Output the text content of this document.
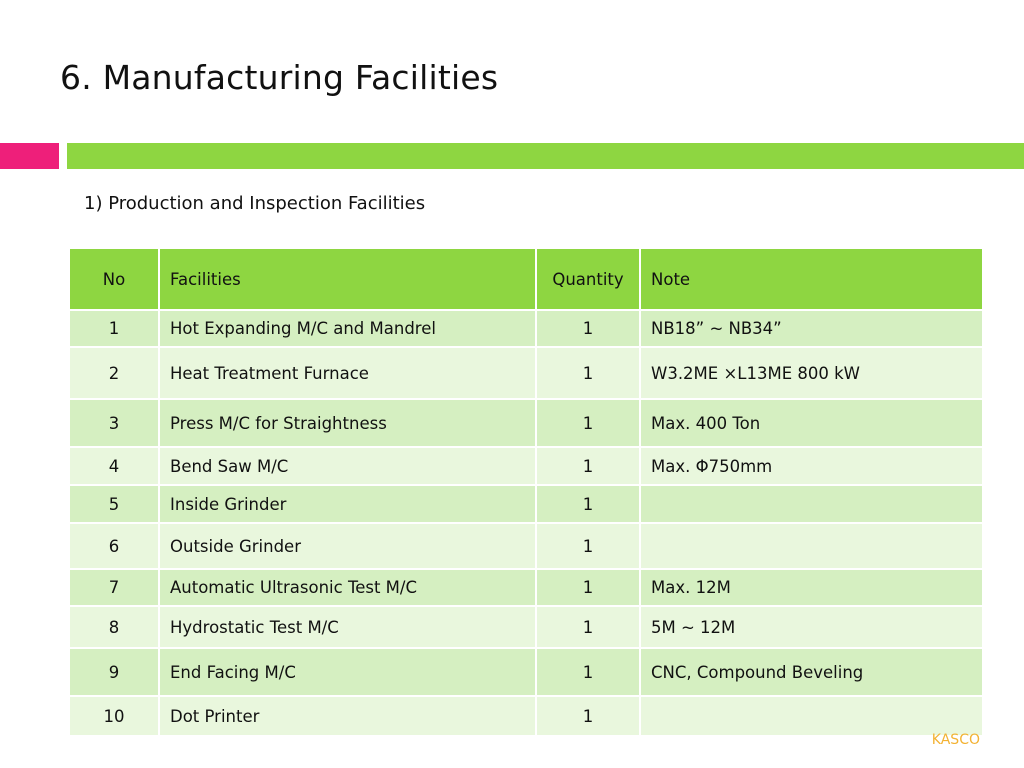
6. Manufacturing Facilities
1) Production and Inspection Facilities
No	Facilities	Quantity	Note
1	Hot Expanding M/C and Mandrel	1	NB18” ~ NB34”
2	Heat Treatment Furnace	1	W3.2ME ×L13ME 800 kW
3	Press M/C for Straightness	1	Max. 400 Ton
4	Bend Saw M/C	1	Max. Φ750mm
5	Inside Grinder	1	
6	Outside Grinder	1	
7	Automatic Ultrasonic Test M/C	1	Max. 12M
8	Hydrostatic Test M/C	1	5M ~ 12M
9	End Facing M/C	1	CNC, Compound Beveling
10	Dot Printer	1	
KASCO
